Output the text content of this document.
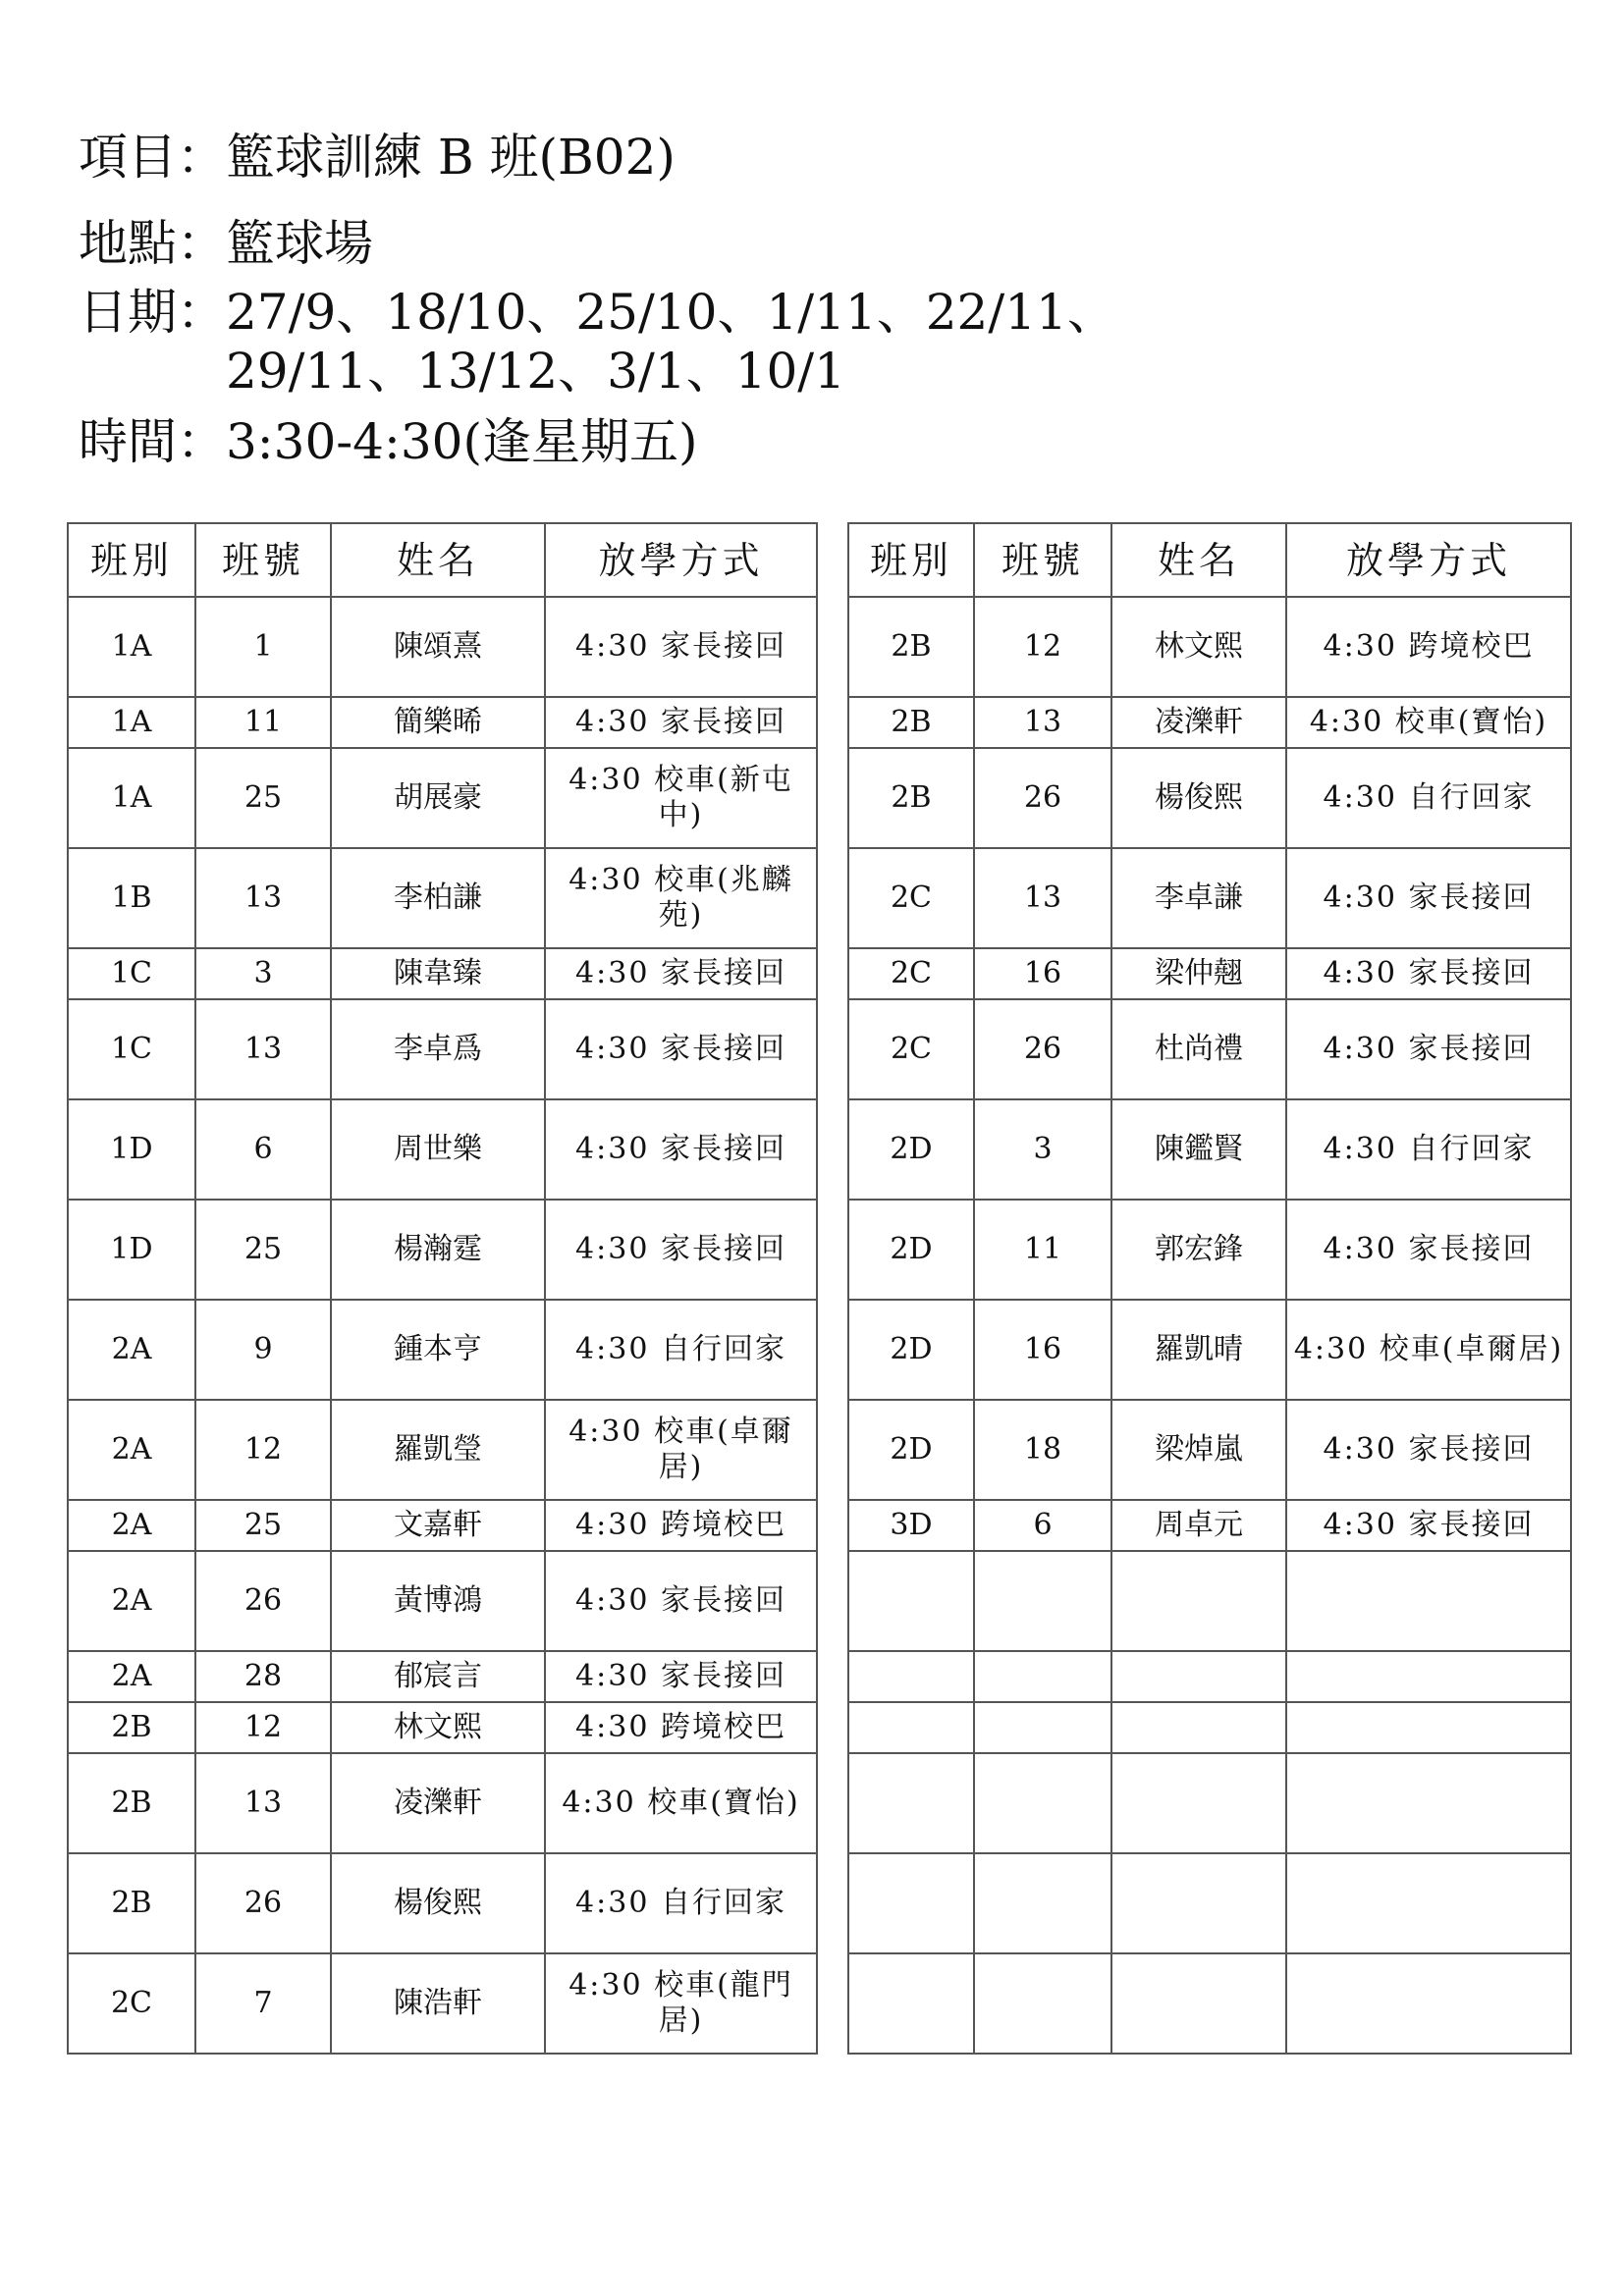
項目： 籃球訓練 B 班(B02)
地點： 籃球場
日期： 27/9、18/10、25/10、1/11、22/11、
29/11、13/12、3/1、10/1
時間： 3:30-4:30(逢星期五)
班別	班號	姓名	放學方式
1A	1	陳頌熹	4:30 家長接回
1A	11	簡樂晞	4:30 家長接回
1A	25	胡展豪	4:30 校車(新屯中)
1B	13	李柏謙	4:30 校車(兆麟苑)
1C	3	陳韋臻	4:30 家長接回
1C	13	李卓爲	4:30 家長接回
1D	6	周世樂	4:30 家長接回
1D	25	楊瀚霆	4:30 家長接回
2A	9	鍾本亨	4:30 自行回家
2A	12	羅凱瑩	4:30 校車(卓爾居)
2A	25	文嘉軒	4:30 跨境校巴
2A	26	黃博鴻	4:30 家長接回
2A	28	郁宸言	4:30 家長接回
2B	12	林文熙	4:30 跨境校巴
2B	13	凌濼軒	4:30 校車(寶怡)
2B	26	楊俊熙	4:30 自行回家
2C	7	陳浩軒	4:30 校車(龍門居)
班別	班號	姓名	放學方式
2B	12	林文熙	4:30 跨境校巴
2B	13	凌濼軒	4:30 校車(寶怡)
2B	26	楊俊熙	4:30 自行回家
2C	13	李卓謙	4:30 家長接回
2C	16	梁仲翹	4:30 家長接回
2C	26	杜尚禮	4:30 家長接回
2D	3	陳鑑賢	4:30 自行回家
2D	11	郭宏鋒	4:30 家長接回
2D	16	羅凱晴	4:30 校車(卓爾居)
2D	18	梁焯嵐	4:30 家長接回
3D	6	周卓元	4:30 家長接回
